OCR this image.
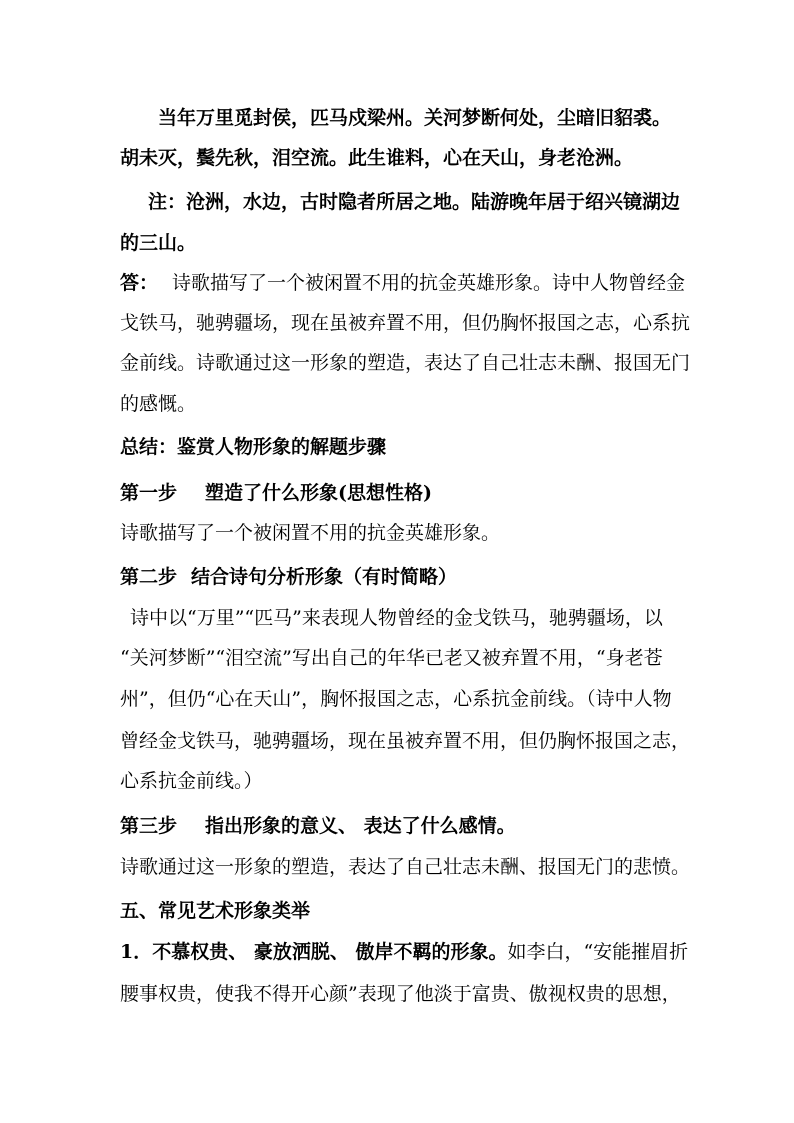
当年万里觅封侯，匹马戍梁州。关河梦断何处，尘暗旧貂裘。
胡未灭，鬓先秋，泪空流。此生谁料，心在天山，身老沧洲。
注：沧洲，水边，古时隐者所居之地。陆游晚年居于绍兴镜湖边
的三山。
答： 诗歌描写了一个被闲置不用的抗金英雄形象。诗中人物曾经金
戈铁马，驰骋疆场，现在虽被弃置不用，但仍胸怀报国之志，心系抗
金前线。诗歌通过这一形象的塑造，表达了自己壮志未酬、报国无门
的感慨。
总结：鉴赏人物形象的解题步骤
第一步 塑造了什么形象(思想性格)
诗歌描写了一个被闲置不用的抗金英雄形象。
第二步 结合诗句分析形象（有时简略）
诗中以“万里”“匹马”来表现人物曾经的金戈铁马，驰骋疆场，以
“关河梦断”“泪空流”写出自己的年华已老又被弃置不用，“身老苍
州”，但仍“心在天山”，胸怀报国之志，心系抗金前线。（诗中人物
曾经金戈铁马，驰骋疆场，现在虽被弃置不用，但仍胸怀报国之志，
心系抗金前线。）
第三步 指出形象的意义、 表达了什么感情。
诗歌通过这一形象的塑造，表达了自己壮志未酬、报国无门的悲愤。
五、常见艺术形象类举
1．不慕权贵、 豪放洒脱、 傲岸不羁的形象。如李白，“安能摧眉折
腰事权贵，使我不得开心颜”表现了他淡于富贵、傲视权贵的思想，
